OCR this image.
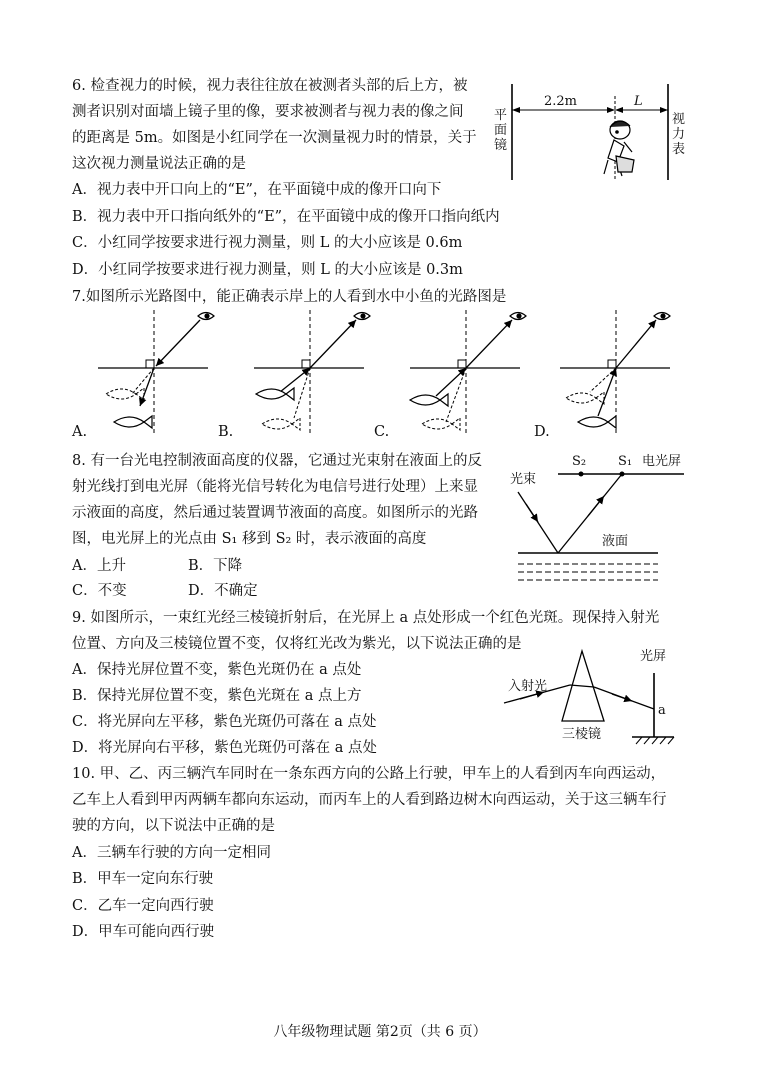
6. 检查视力的时候，视力表往往放在被测者头部的后上方，被
测者识别对面墙上镜子里的像，要求被测者与视力表的像之间
的距离是 5m。如图是小红同学在一次测量视力时的情景，关于
这次视力测量说法正确的是
A．视力表中开口向上的“E”，在平面镜中成的像开口向下
B．视力表中开口指向纸外的“E”，在平面镜中成的像开口指向纸内
C．小红同学按要求进行视力测量，则 L 的大小应该是 0.6m
D．小红同学按要求进行视力测量，则 L 的大小应该是 0.3m
2.2m	L
平面镜
视力表
7.如图所示光路图中，能正确表示岸上的人看到水中小鱼的光路图是
A.	B.	C.	D.
8. 有一台光电控制液面高度的仪器，它通过光束射在液面上的反
射光线打到电光屏（能将光信号转化为电信号进行处理）上来显
示液面的高度，然后通过装置调节液面的高度。如图所示的光路
图，电光屏上的光点由 S₁ 移到 S₂ 时，表示液面的高度
A．上升	B．下降
C．不变	D．不确定
S₂ S₁ 电光屏
光束
液面
9. 如图所示，一束红光经三棱镜折射后，在光屏上 a 点处形成一个红色光斑。现保持入射光
位置、方向及三棱镜位置不变，仅将红光改为紫光，以下说法正确的是
A．保持光屏位置不变，紫色光斑仍在 a 点处
B．保持光屏位置不变，紫色光斑在 a 点上方
C．将光屏向左平移，紫色光斑仍可落在 a 点处
D．将光屏向右平移，紫色光斑仍可落在 a 点处
光屏
入射光
a
三棱镜
10. 甲、乙、丙三辆汽车同时在一条东西方向的公路上行驶，甲车上的人看到丙车向西运动，
乙车上人看到甲丙两辆车都向东运动，而丙车上的人看到路边树木向西运动，关于这三辆车行
驶的方向，以下说法中正确的是
A．三辆车行驶的方向一定相同
B．甲车一定向东行驶
C．乙车一定向西行驶
D．甲车可能向西行驶
八年级物理试题 第2页（共 6 页）
